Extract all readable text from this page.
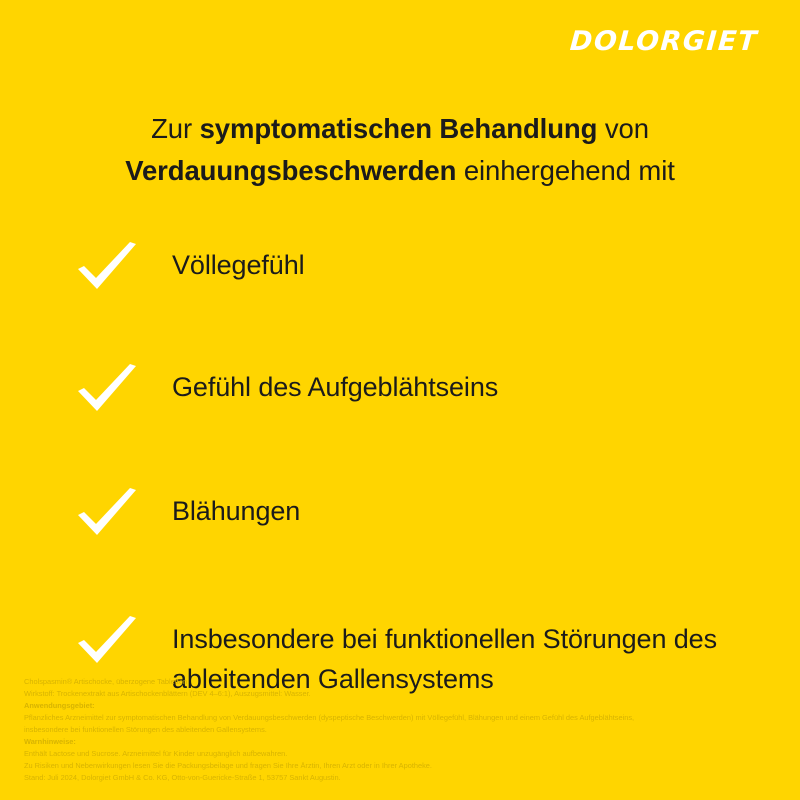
DOLORGIET
Zur symptomatischen Behandlung von
Verdauungsbeschwerden einhergehend mit
Völlegefühl
Gefühl des Aufgeblähtseins
Blähungen
Insbesondere bei funktionellen Störungen des ableitenden Gallensystems

Cholspasmin® Artischocke, überzogene Tabletten

Wirkstoff: Trockenextrakt aus Artischockenblättern (DEV 4–6:1), Auszugsmittel: Wasser.

Anwendungsgebiet:

Pflanzliches Arzneimittel zur symptomatischen Behandlung von Verdauungsbeschwerden (dyspeptische Beschwerden) mit Völlegefühl, Blähungen und einem Gefühl des Aufgeblähtseins,

insbesondere bei funktionellen Störungen des ableitenden Gallensystems.

Warnhinweise:

Enthält Lactose und Sucrose. Arzneimittel für Kinder unzugänglich aufbewahren.

Zu Risiken und Nebenwirkungen lesen Sie die Packungsbeilage und fragen Sie Ihre Ärztin, Ihren Arzt oder in Ihrer Apotheke.

Stand: Juli 2024, Dolorgiet GmbH & Co. KG, Otto-von-Guericke-Straße 1, 53757 Sankt Augustin.
